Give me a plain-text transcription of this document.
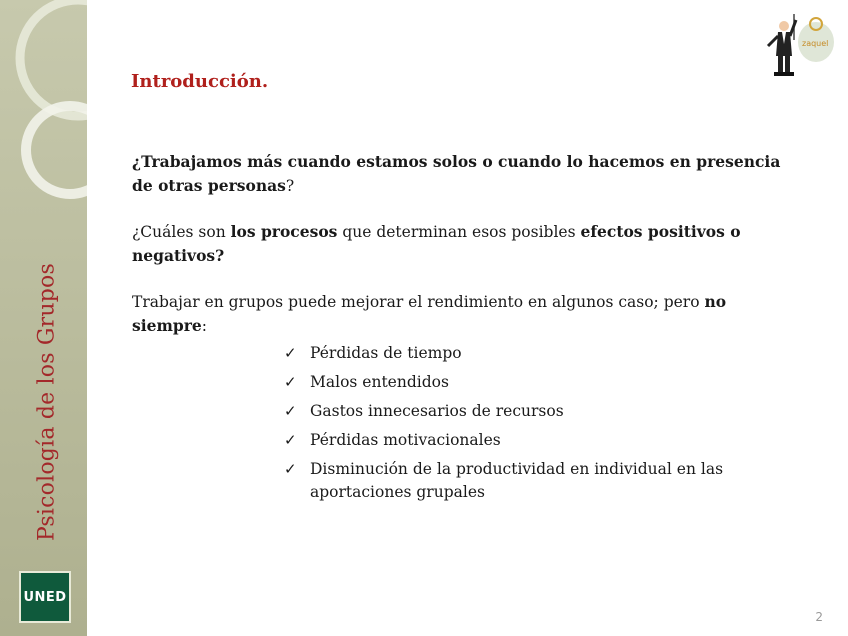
Psicología de los Grupos
UNED
zaquel
Introducción.

¿Trabajamos más cuando estamos solos o cuando lo hacemos en presencia de otras personas?

¿Cuáles son los procesos que determinan esos posibles efectos positivos o negativos?

Trabajar en grupos puede mejorar el rendimiento en algunos caso; pero no siempre:

✓ Pérdidas de tiempo
✓ Malos entendidos
✓ Gastos innecesarios de recursos
✓ Pérdidas motivacionales
✓ Disminución de la productividad en individual en las aportaciones grupales
2
